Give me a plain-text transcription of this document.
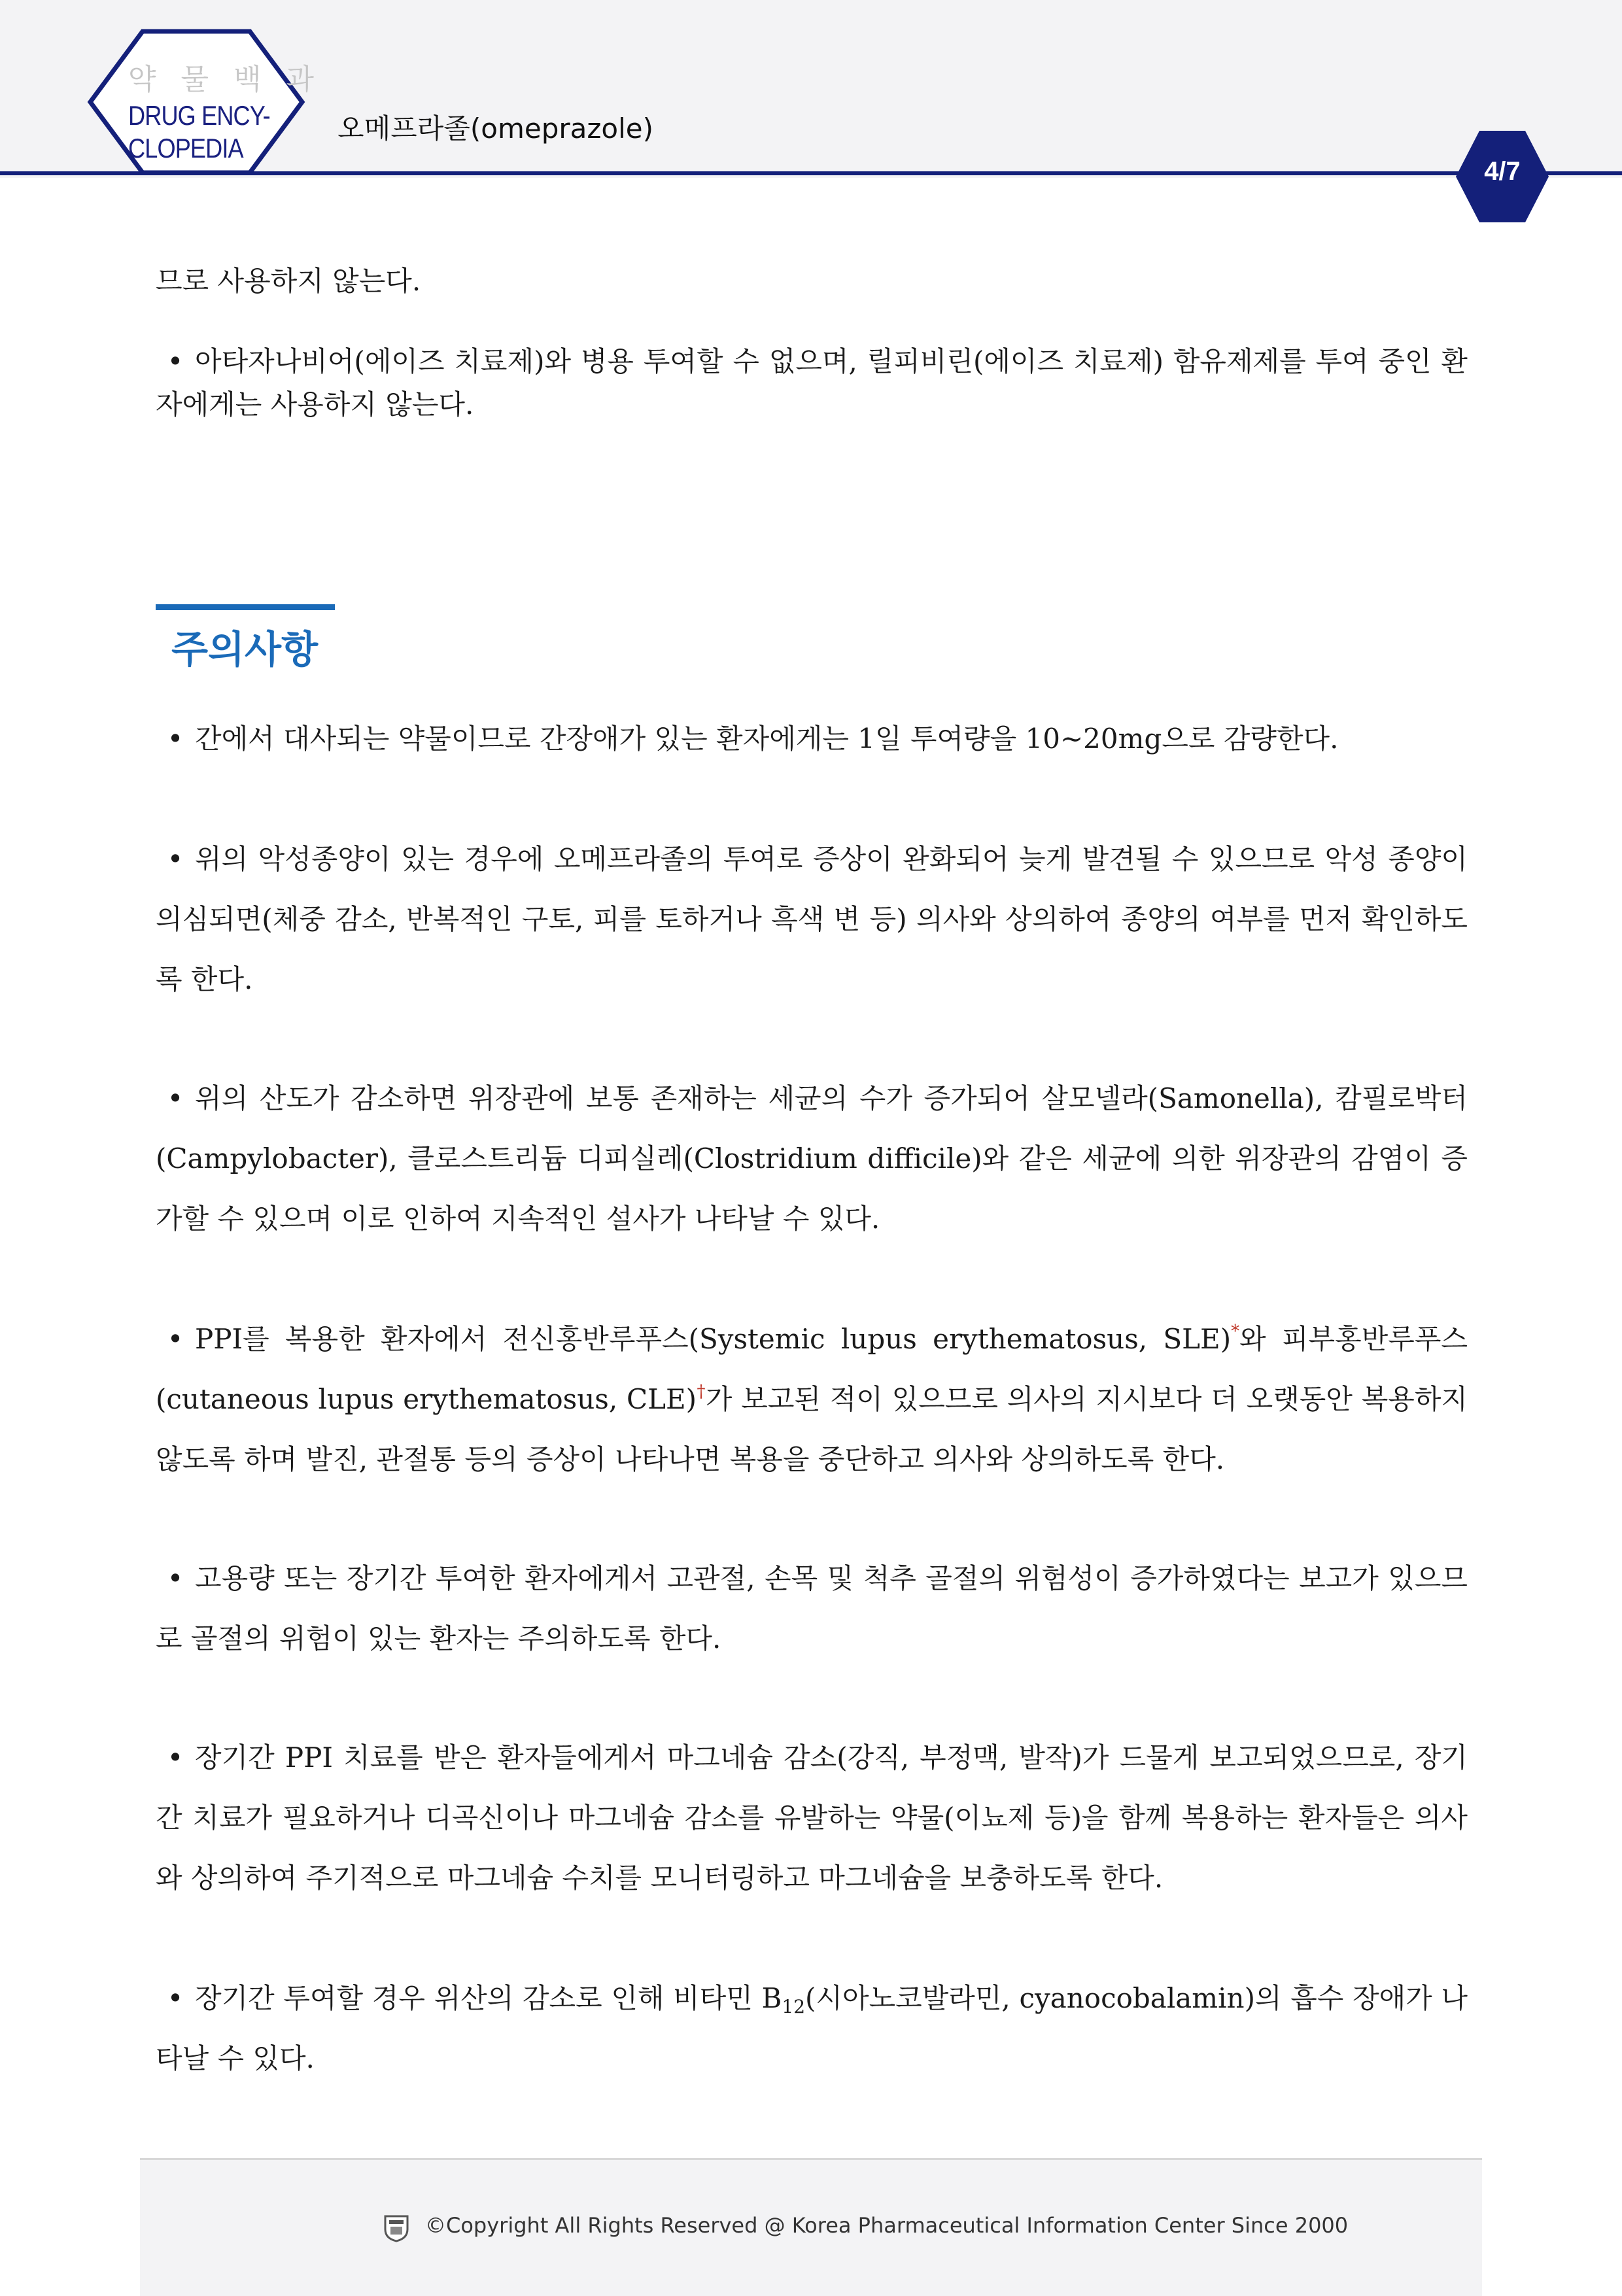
약 물 백 과
DRUG ENCY-
CLOPEDIA
오메프라졸(omeprazole)
4/7

므로 사용하지 않는다.

• 아타자나비어(에이즈 치료제)와 병용 투여할 수 없으며, 릴피비린(에이즈 치료제) 함유제제를 투여 중인 환자에게는 사용하지 않는다.

주의사항

• 간에서 대사되는 약물이므로 간장애가 있는 환자에게는 1일 투여량을 10~20mg으로 감량한다.

• 위의 악성종양이 있는 경우에 오메프라졸의 투여로 증상이 완화되어 늦게 발견될 수 있으므로 악성 종양이 의심되면(체중 감소, 반복적인 구토, 피를 토하거나 흑색 변 등) 의사와 상의하여 종양의 여부를 먼저 확인하도록 한다.

• 위의 산도가 감소하면 위장관에 보통 존재하는 세균의 수가 증가되어 살모넬라(Samonella), 캄필로박터(Campylobacter), 클로스트리듐 디피실레(Clostridium difficile)와 같은 세균에 의한 위장관의 감염이 증가할 수 있으며 이로 인하여 지속적인 설사가 나타날 수 있다.

• PPI를 복용한 환자에서 전신홍반루푸스(Systemic lupus erythematosus, SLE)*와 피부홍반루푸스(cutaneous lupus erythematosus, CLE)†가 보고된 적이 있으므로 의사의 지시보다 더 오랫동안 복용하지 않도록 하며 발진, 관절통 등의 증상이 나타나면 복용을 중단하고 의사와 상의하도록 한다.

• 고용량 또는 장기간 투여한 환자에게서 고관절, 손목 및 척추 골절의 위험성이 증가하였다는 보고가 있으므로 골절의 위험이 있는 환자는 주의하도록 한다.

• 장기간 PPI 치료를 받은 환자들에게서 마그네슘 감소(강직, 부정맥, 발작)가 드물게 보고되었으므로, 장기간 치료가 필요하거나 디곡신이나 마그네슘 감소를 유발하는 약물(이뇨제 등)을 함께 복용하는 환자들은 의사와 상의하여 주기적으로 마그네슘 수치를 모니터링하고 마그네슘을 보충하도록 한다.

• 장기간 투여할 경우 위산의 감소로 인해 비타민 $B_{12}$(시아노코발라민, cyanocobalamin)의 흡수 장애가 나타날 수 있다.

©Copyright All Rights Reserved @ Korea Pharmaceutical Information Center Since 2000
